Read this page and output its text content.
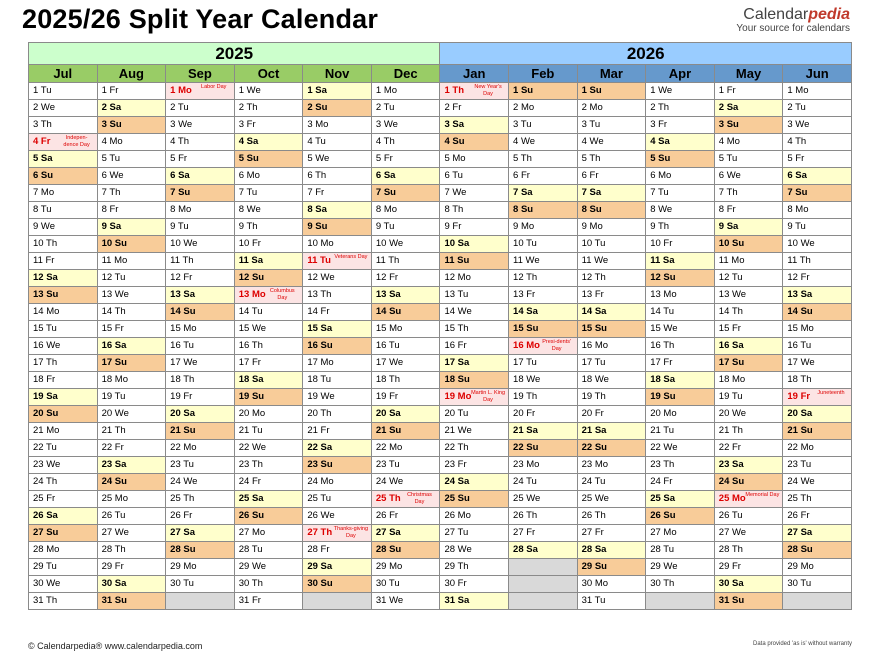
2025/26 Split Year Calendar	Calendarpedia
Your source for calendars
2025						2026					
Jul	Aug	Sep	Oct	Nov	Dec	Jan	Feb	Mar	Apr	May	Jun
1 Tu	1 Fr	1 Mo Labor Day	1 We	1 Sa	1 Mo	1 Th New Year's Day	1 Su	1 Su	1 We	1 Fr	1 Mo
2 We	2 Sa	2 Tu	2 Th	2 Su	2 Tu	2 Fr	2 Mo	2 Mo	2 Th	2 Sa	2 Tu
3 Th	3 Su	3 We	3 Fr	3 Mo	3 We	3 Sa	3 Tu	3 Tu	3 Fr	3 Su	3 We
4 Fr Indepen-dence Day	4 Mo	4 Th	4 Sa	4 Tu	4 Th	4 Su	4 We	4 We	4 Sa	4 Mo	4 Th
5 Sa	5 Tu	5 Fr	5 Su	5 We	5 Fr	5 Mo	5 Th	5 Th	5 Su	5 Tu	5 Fr
6 Su	6 We	6 Sa	6 Mo	6 Th	6 Sa	6 Tu	6 Fr	6 Fr	6 Mo	6 We	6 Sa
7 Mo	7 Th	7 Su	7 Tu	7 Fr	7 Su	7 We	7 Sa	7 Sa	7 Tu	7 Th	7 Su
8 Tu	8 Fr	8 Mo	8 We	8 Sa	8 Mo	8 Th	8 Su	8 Su	8 We	8 Fr	8 Mo
9 We	9 Sa	9 Tu	9 Th	9 Su	9 Tu	9 Fr	9 Mo	9 Mo	9 Th	9 Sa	9 Tu
10 Th	10 Su	10 We	10 Fr	10 Mo	10 We	10 Sa	10 Tu	10 Tu	10 Fr	10 Su	10 We
11 Fr	11 Mo	11 Th	11 Sa	11 Tu Veterans Day	11 Th	11 Su	11 We	11 We	11 Sa	11 Mo	11 Th
12 Sa	12 Tu	12 Fr	12 Su	12 We	12 Fr	12 Mo	12 Th	12 Th	12 Su	12 Tu	12 Fr
13 Su	13 We	13 Sa	13 Mo Columbus Day	13 Th	13 Sa	13 Tu	13 Fr	13 Fr	13 Mo	13 We	13 Sa
14 Mo	14 Th	14 Su	14 Tu	14 Fr	14 Su	14 We	14 Sa	14 Sa	14 Tu	14 Th	14 Su
15 Tu	15 Fr	15 Mo	15 We	15 Sa	15 Mo	15 Th	15 Su	15 Su	15 We	15 Fr	15 Mo
16 We	16 Sa	16 Tu	16 Th	16 Su	16 Tu	16 Fr	16 Mo Presi-dents' Day	16 Mo	16 Th	16 Sa	16 Tu
17 Th	17 Su	17 We	17 Fr	17 Mo	17 We	17 Sa	17 Tu	17 Tu	17 Fr	17 Su	17 We
18 Fr	18 Mo	18 Th	18 Sa	18 Tu	18 Th	18 Su	18 We	18 We	18 Sa	18 Mo	18 Th
19 Sa	19 Tu	19 Fr	19 Su	19 We	19 Fr	19 Mo Martin L. King Day	19 Th	19 Th	19 Su	19 Tu	19 Fr Juneteenth

20 Su	20 We	20 Sa	20 Mo	20 Th	20 Sa	20 Tu	20 Fr	20 Fr	20 Mo	20 We	20 Sa
21 Mo	21 Th	21 Su	21 Tu	21 Fr	21 Su	21 We	21 Sa	21 Sa	21 Tu	21 Th	21 Su
22 Tu	22 Fr	22 Mo	22 We	22 Sa	22 Mo	22 Th	22 Su	22 Su	22 We	22 Fr	22 Mo
23 We	23 Sa	23 Tu	23 Th	23 Su	23 Tu	23 Fr	23 Mo	23 Mo	23 Th	23 Sa	23 Tu
24 Th	24 Su	24 We	24 Fr	24 Mo	24 We	24 Sa	24 Tu	24 Tu	24 Fr	24 Su	24 We
25 Fr	25 Mo	25 Th	25 Sa	25 Tu	25 Th Christmas Day	25 Su	25 We	25 We	25 Sa	25 Mo Memorial Day	25 Th
26 Sa	26 Tu	26 Fr	26 Su	26 We	26 Fr	26 Mo	26 Th	26 Th	26 Su	26 Tu	26 Fr
27 Su	27 We	27 Sa	27 Mo	27 Th Thanks-giving Day	27 Sa	27 Tu	27 Fr	27 Fr	27 Mo	27 We	27 Sa
28 Mo	28 Th	28 Su	28 Tu	28 Fr	28 Su	28 We	28 Sa	28 Sa	28 Tu	28 Th	28 Su
29 Tu	29 Fr	29 Mo	29 We	29 Sa	29 Mo	29 Th		29 Su	29 We	29 Fr	29 Mo
30 We	30 Sa	30 Tu	30 Th	30 Su	30 Tu	30 Fr		30 Mo	30 Th	30 Sa	30 Tu
31 Th	31 Su		31 Fr		31 We	31 Sa		31 Tu		31 Su	
© Calendarpedia® www.calendarpedia.com	Data provided 'as is' without warranty
